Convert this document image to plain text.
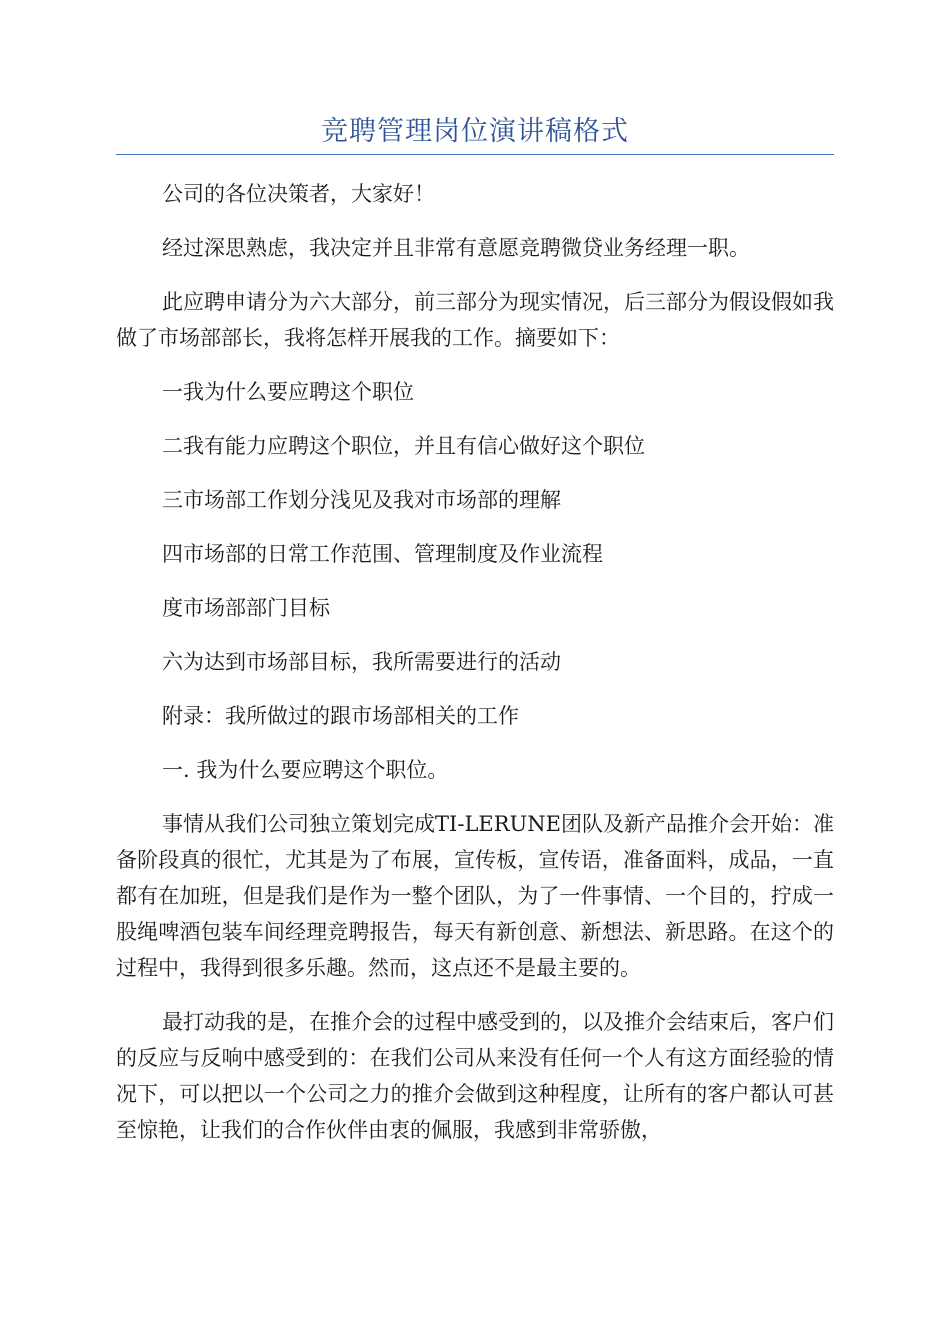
竞聘管理岗位演讲稿格式

公司的各位决策者，大家好！

经过深思熟虑，我决定并且非常有意愿竞聘微贷业务经理一职。

此应聘申请分为六大部分，前三部分为现实情况，后三部分为假设假如我做了市场部部长，我将怎样开展我的工作。摘要如下：

一我为什么要应聘这个职位

二我有能力应聘这个职位，并且有信心做好这个职位

三市场部工作划分浅见及我对市场部的理解

四市场部的日常工作范围、管理制度及作业流程

度市场部部门目标

六为达到市场部目标，我所需要进行的活动

附录：我所做过的跟市场部相关的工作

一. 我为什么要应聘这个职位。

事情从我们公司独立策划完成TI-LERUNE团队及新产品推介会开始：准备阶段真的很忙，尤其是为了布展，宣传板，宣传语，准备面料，成品，一直都有在加班，但是我们是作为一整个团队，为了一件事情、一个目的，拧成一股绳啤酒包装车间经理竞聘报告，每天有新创意、新想法、新思路。在这个的过程中，我得到很多乐趣。然而，这点还不是最主要的。

最打动我的是，在推介会的过程中感受到的，以及推介会结束后，客户们的反应与反响中感受到的：在我们公司从来没有任何一个人有这方面经验的情况下，可以把以一个公司之力的推介会做到这种程度，让所有的客户都认可甚至惊艳，让我们的合作伙伴由衷的佩服，我感到非常骄傲，
